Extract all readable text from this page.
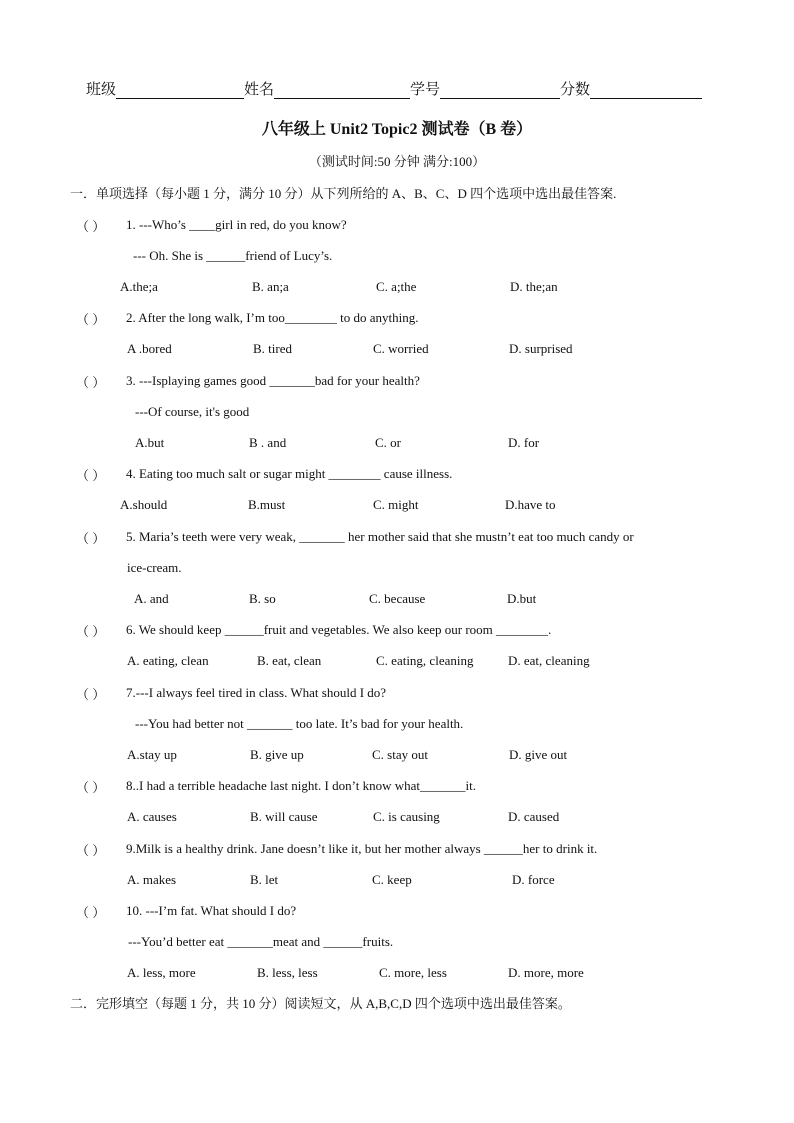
班级	姓名	学号	分数
八年级上 Unit2 Topic2 测试卷（B 卷）
（测试时间:50 分钟 满分:100）
一．单项选择（每小题 1 分，满分 10 分）从下列所给的 A、B、C、D 四个选项中选出最佳答案.
（ ） 1. ---Who’s ____girl in red, do you know?
--- Oh. She is ______friend of Lucy’s.
A.the;a	B. an;a	C. a;the	D. the;an
（ ） 2. After the long walk, I’m too________ to do anything.
A .bored	B. tired	C. worried	D. surprised
（ ） 3. ---Isplaying games good _______bad for your health?
---Of course, it's good
A.but	B . and	C. or	D. for
（ ） 4. Eating too much salt or sugar might ________ cause illness.
A.should	B.must	C. might	D.have to
（ ） 5. Maria’s teeth were very weak, _______ her mother said that she mustn’t eat too much candy or
ice-cream.
A. and	B. so	C. because	D.but
（ ） 6. We should keep ______fruit and vegetables. We also keep our room ________.
A. eating, clean	B. eat, clean	C. eating, cleaning	D. eat, cleaning
（ ） 7.---I always feel tired in class. What should I do?
---You had better not _______ too late. It’s bad for your health.
A.stay up	B. give up	C. stay out	D. give out
（ ） 8..I had a terrible headache last night. I don’t know what_______it.
A. causes	B. will cause	C. is causing	D. caused
（ ） 9.Milk is a healthy drink. Jane doesn’t like it, but her mother always ______her to drink it.
A. makes	B. let	C. keep	D. force
（ ） 10. ---I’m fat. What should I do?
---You’d better eat _______meat and ______fruits.
A. less, more	B. less, less	C. more, less	D. more, more
二．完形填空（每题 1 分，共 10 分）阅读短文，从 A,B,C,D 四个选项中选出最佳答案。
